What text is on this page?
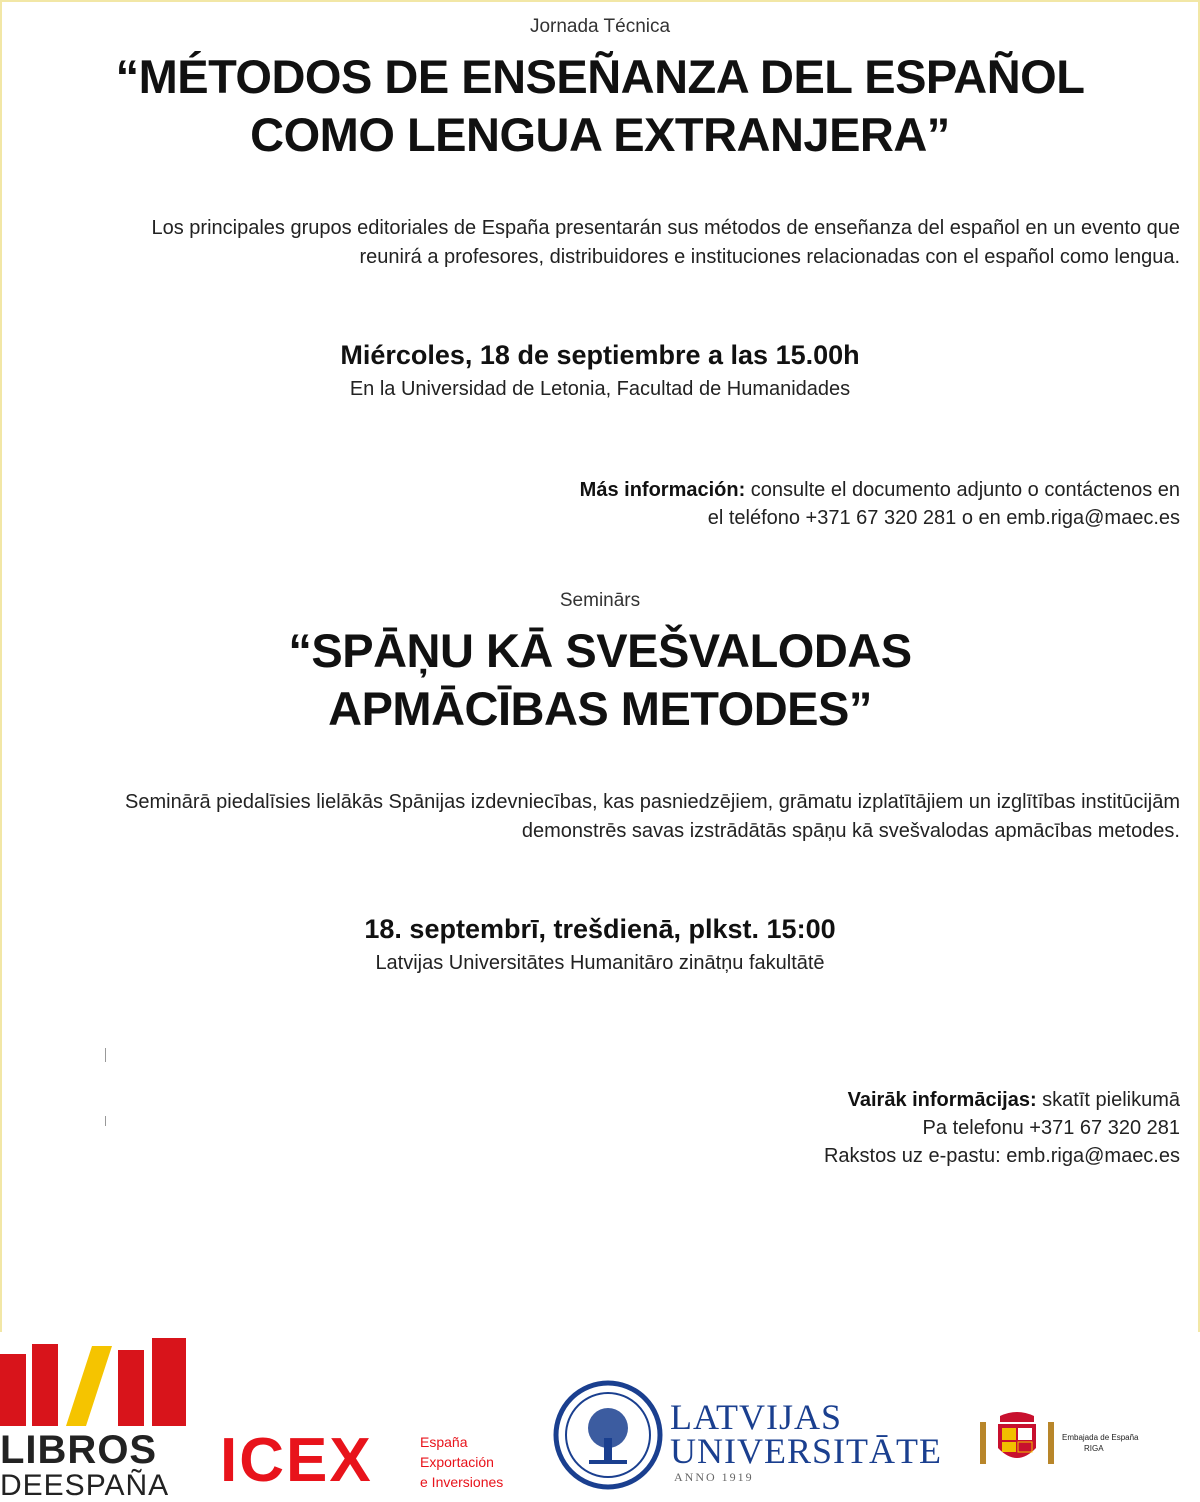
Jornada Técnica
“MÉTODOS DE ENSEÑANZA DEL ESPAÑOL
COMO LENGUA EXTRANJERA”
Los principales grupos editoriales de España presentarán sus métodos de enseñanza del español en un evento que
reunirá a profesores, distribuidores e instituciones relacionadas con el español como lengua.
Miércoles, 18 de septiembre a las 15.00h
En la Universidad de Letonia, Facultad de Humanidades
Más información: consulte el documento adjunto o contáctenos en
el teléfono +371 67 320 281 o en emb.riga@maec.es
Seminārs
“SPĀŅU KĀ SVEŠVALODAS
APMĀCĪBAS METODES”
Seminārā piedalīsies lielākās Spānijas izdevniecības, kas pasniedzējiem, grāmatu izplatītājiem un izglītības institūcijām
demonstrēs savas izstrādātās spāņu kā svešvalodas apmācības metodes.
18. septembrī, trešdienā, plkst. 15:00
Latvijas Universitātes Humanitāro zinātņu fakultātē
Vairāk informācijas: skatīt pielikumā
Pa telefonu +371 67 320 281
Rakstos uz e-pastu: emb.riga@maec.es
LIBROS
DEESPAÑA ICEX	España
Exportación
e Inversiones
LATVIJAS
UNIVERSITĀTE
ANNO 1919
Embajada de España
RIGA
